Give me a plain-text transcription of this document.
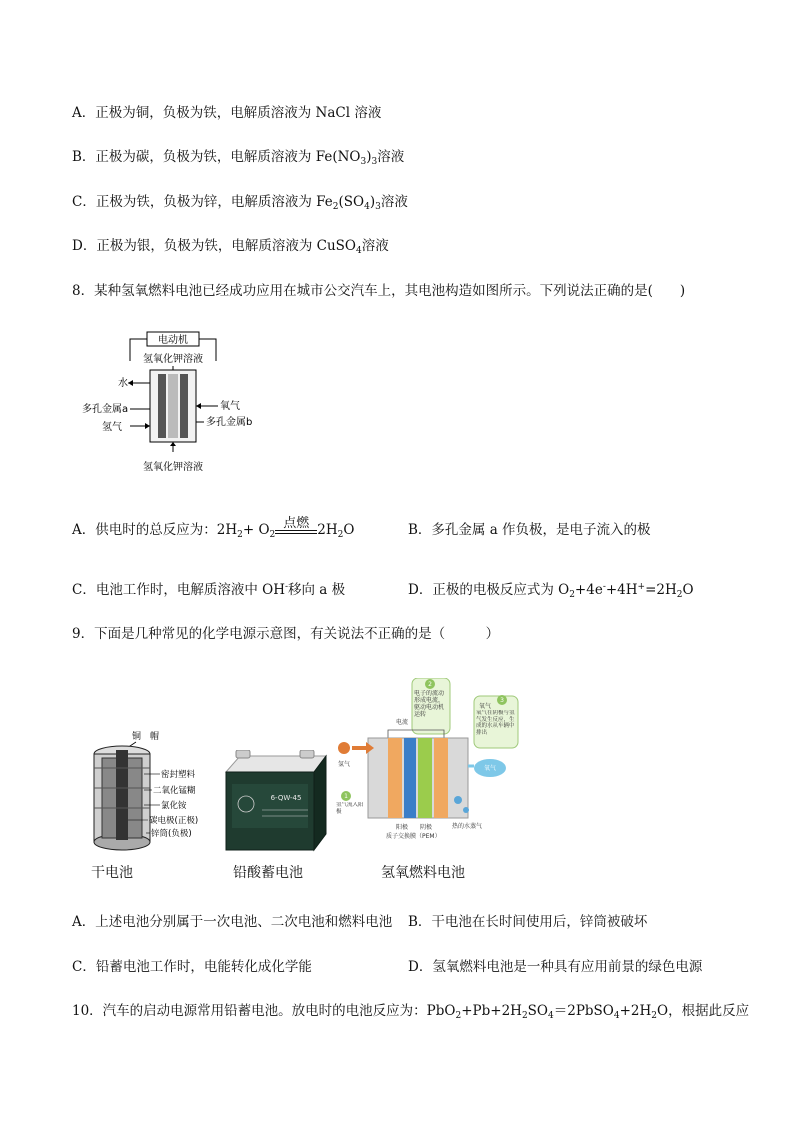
A．正极为铜，负极为铁，电解质溶液为 NaCl 溶液
B．正极为碳，负极为铁，电解质溶液为 $Fe(NO_3)_3$溶液
C．正极为铁，负极为锌，电解质溶液为 $Fe_2(SO_4)_3$溶液
D．正极为银，负极为铁，电解质溶液为 CuSO$_4$溶液
8．某种氢氧燃料电池已经成功应用在城市公交汽车上，其电池构造如图所示。下列说法正确的是(　　)
电动机
氢氧化钾溶液
水
多孔金属a
氢气
氧气
多孔金属b
氢氧化钾溶液
A．供电时的总反应为：$2H_2+ O_2$
点燃 $2H_2O$	B．多孔金属 a 作负极，是电子流入的极
C．电池工作时，电解质溶液中 OH-移向 a 极	D．正极的电极反应式为 $O_2+4e^-+4H^+=2H_2O$
9．下面是几种常见的化学电源示意图，有关说法不正确的是（　　　）
铜　帽
密封塑料
二氧化锰糊
氯化铵
碳电极(正极)
锌筒(负极)
干电池
6-QW-45
铅酸蓄电池
2
电子的流动形成电流，驱动电动机运转
3
氧气
氧气在阴极与氢气发生反应，生成的水从车辆中排出
电流
氢气
1
氢气流入阳极
氧气
阳极 阴极
质子交换膜（PEM）
热的水蒸气
氢氧燃料电池
A．上述电池分别属于一次电池、二次电池和燃料电池 B．干电池在长时间使用后，锌筒被破坏
C．铅蓄电池工作时，电能转化成化学能	D．氢氧燃料电池是一种具有应用前景的绿色电源
10．汽车的启动电源常用铅蓄电池。放电时的电池反应为：$PbO_2+Pb+2H_2SO_4=2PbSO_4+2H_2O$，根据此反应
